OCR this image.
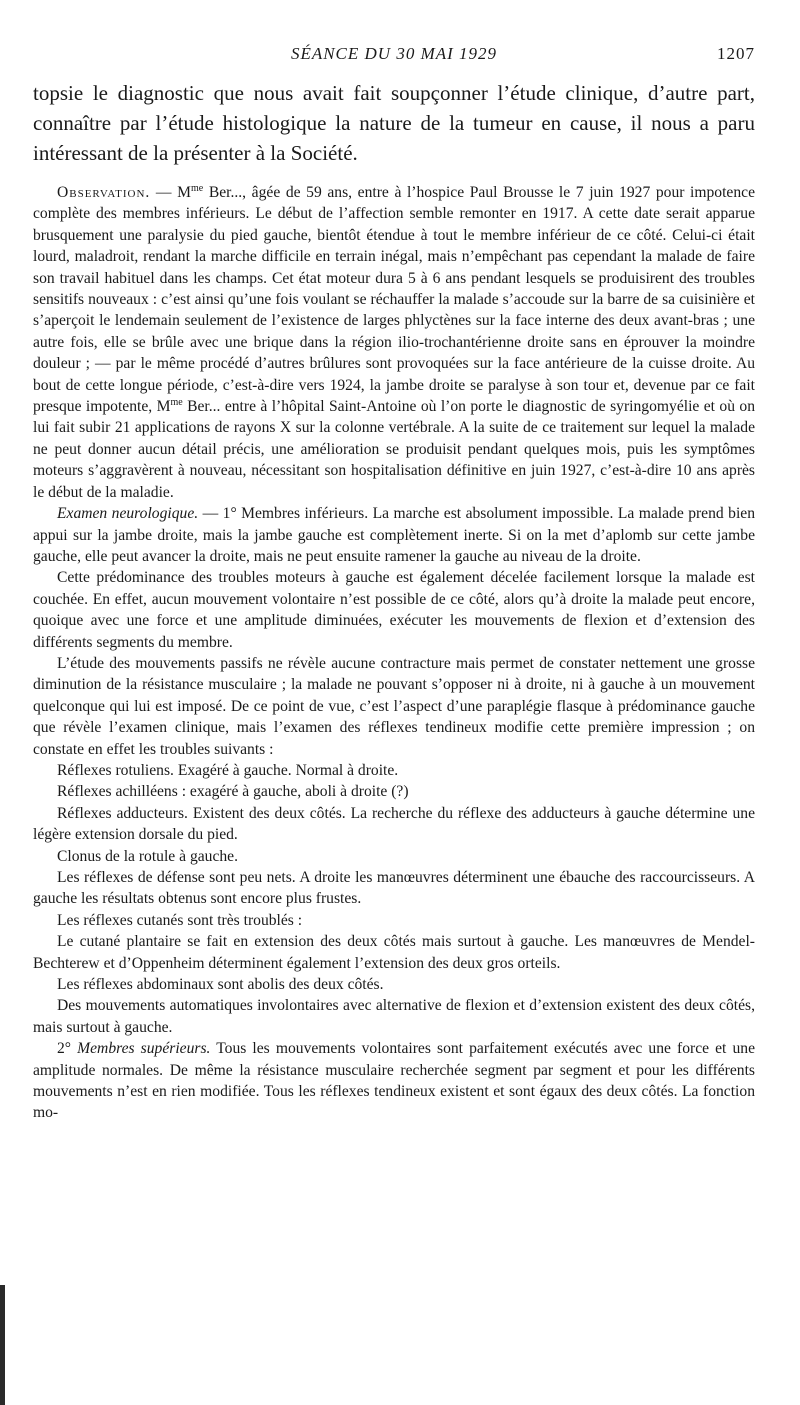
SÉANCE DU 30 MAI 1929	1207
topsie le diagnostic que nous avait fait soupçonner l’étude clinique, d’autre part, connaître par l’étude histologique la nature de la tumeur en cause, il nous a paru intéressant de la présenter à la Société.

Observation. — $M^{me}$ Ber..., âgée de 59 ans, entre à l’hospice Paul Brousse le 7 juin 1927 pour impotence complète des membres inférieurs. Le début de l’affection semble remonter en 1917. A cette date serait apparue brusquement une paralysie du pied gauche, bientôt étendue à tout le membre inférieur de ce côté. Celui-ci était lourd, maladroit, rendant la marche difficile en terrain inégal, mais n’empêchant pas cependant la malade de faire son travail habituel dans les champs. Cet état moteur dura 5 à 6 ans pendant lesquels se produisirent des troubles sensitifs nouveaux : c’est ainsi qu’une fois voulant se réchauffer la malade s’accoude sur la barre de sa cuisinière et s’aperçoit le lendemain seulement de l’existence de larges phlyctènes sur la face interne des deux avant-bras ; une autre fois, elle se brûle avec une brique dans la région ilio-trochantérienne droite sans en éprouver la moindre douleur ; — par le même procédé d’autres brûlures sont provoquées sur la face antérieure de la cuisse droite. Au bout de cette longue période, c’est-à-dire vers 1924, la jambe droite se paralyse à son tour et, devenue par ce fait presque impotente, $M^{me}$ Ber... entre à l’hôpital Saint-Antoine où l’on porte le diagnostic de syringomyélie et où on lui fait subir 21 applications de rayons X sur la colonne vertébrale. A la suite de ce traitement sur lequel la malade ne peut donner aucun détail précis, une amélioration se produisit pendant quelques mois, puis les symptômes moteurs s’aggravèrent à nouveau, nécessitant son hospitalisation définitive en juin 1927, c’est-à-dire 10 ans après le début de la maladie.

Examen neurologique. — 1° Membres inférieurs. La marche est absolument impossible. La malade prend bien appui sur la jambe droite, mais la jambe gauche est complètement inerte. Si on la met d’aplomb sur cette jambe gauche, elle peut avancer la droite, mais ne peut ensuite ramener la gauche au niveau de la droite.

Cette prédominance des troubles moteurs à gauche est également décelée facilement lorsque la malade est couchée. En effet, aucun mouvement volontaire n’est possible de ce côté, alors qu’à droite la malade peut encore, quoique avec une force et une amplitude diminuées, exécuter les mouvements de flexion et d’extension des différents segments du membre.

L’étude des mouvements passifs ne révèle aucune contracture mais permet de constater nettement une grosse diminution de la résistance musculaire ; la malade ne pouvant s’opposer ni à droite, ni à gauche à un mouvement quelconque qui lui est imposé. De ce point de vue, c’est l’aspect d’une paraplégie flasque à prédominance gauche que révèle l’examen clinique, mais l’examen des réflexes tendineux modifie cette première impression ; on constate en effet les troubles suivants :

Réflexes rotuliens. Exagéré à gauche. Normal à droite.

Réflexes achilléens : exagéré à gauche, aboli à droite (?)

Réflexes adducteurs. Existent des deux côtés. La recherche du réflexe des adducteurs à gauche détermine une légère extension dorsale du pied.

Clonus de la rotule à gauche.

Les réflexes de défense sont peu nets. A droite les manœuvres déterminent une ébauche des raccourcisseurs. A gauche les résultats obtenus sont encore plus frustes.

Les réflexes cutanés sont très troublés :

Le cutané plantaire se fait en extension des deux côtés mais surtout à gauche. Les manœuvres de Mendel-Bechterew et d’Oppenheim déterminent également l’extension des deux gros orteils.

Les réflexes abdominaux sont abolis des deux côtés.

Des mouvements automatiques involontaires avec alternative de flexion et d’extension existent des deux côtés, mais surtout à gauche.

2° Membres supérieurs. Tous les mouvements volontaires sont parfaitement exécutés avec une force et une amplitude normales. De même la résistance musculaire recherchée segment par segment et pour les différents mouvements n’est en rien modifiée. Tous les réflexes tendineux existent et sont égaux des deux côtés. La fonction mo-
